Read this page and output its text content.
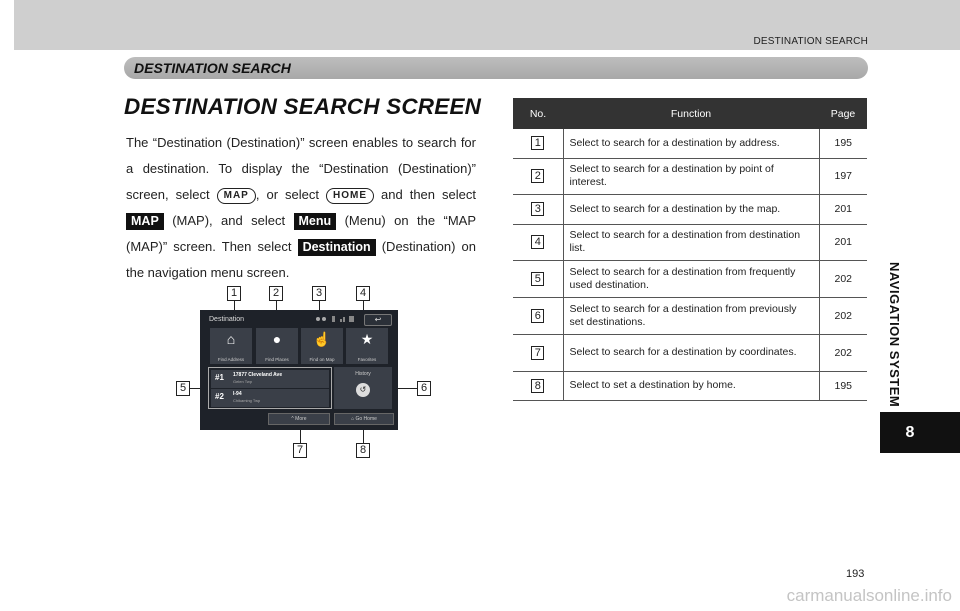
DESTINATION SEARCH
DESTINATION SEARCH
NAVIGATION SYSTEM
8
DESTINATION SEARCH SCREEN
The “Destination (Destination)” screen enables to search for a destination. To display the “Destination (Destination)” screen, select MAP , or select HOME and then select MAP (MAP), and select Menu (Menu) on the “MAP (MAP)” screen. Then select Destination (Destination) on the navigation menu screen.
Destination	↩
⌂
Find Address
●
Find Places
☝
Find on Map
★
Favorites
#1 17877 Cleveland Ave
Gelen Twp
#2 I-94
Chikaming Twp
History
↺
^ More	⌂ Go Home
1	2	3	4
5	6
7	8
No.	Function	Page
1	Select to search for a destination by address.	195
2	Select to search for a destination by point of interest.	197
3	Select to search for a destination by the map.	201
4	Select to search for a destination from destination list.	201
5	Select to search for a destination from frequently used destination.	202
6	Select to search for a destination from previously set destinations.	202
7	Select to search for a destination by coordinates.	202
8	Select to set a destination by home.	195
193
carmanualsonline.info
